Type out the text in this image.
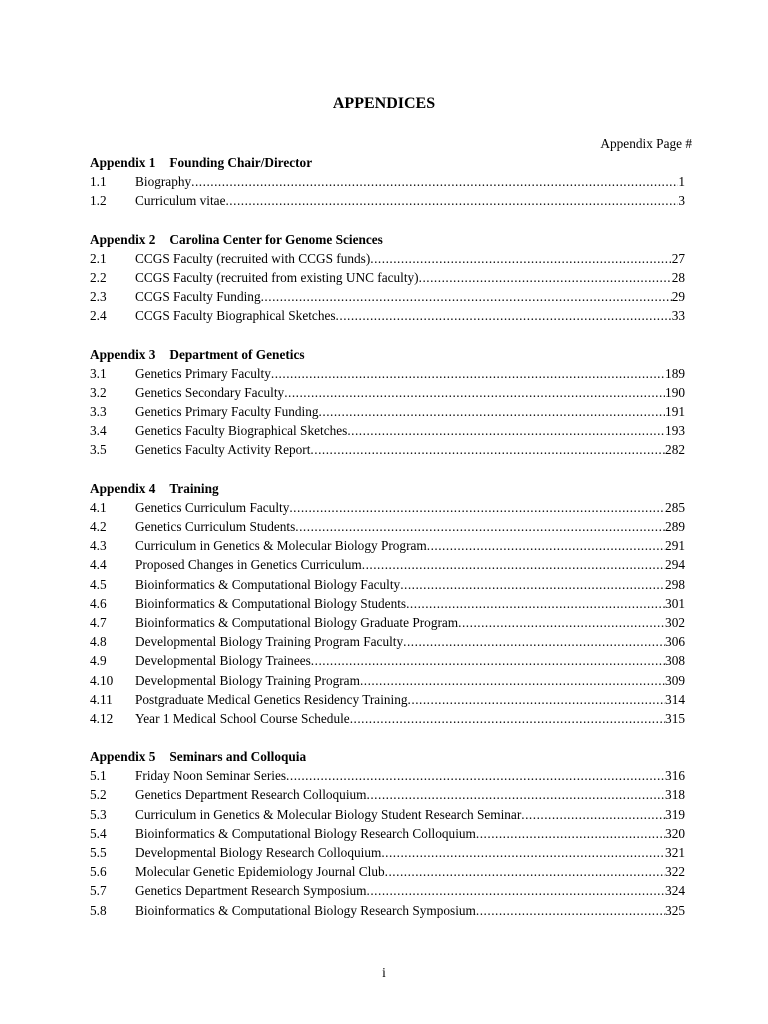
APPENDICES
Appendix Page #
Appendix 1 Founding Chair/Director
1.1	Biography .....	1
1.2	Curriculum vitae .....	3
Appendix 2 Carolina Center for Genome Sciences
2.1	CCGS Faculty (recruited with CCGS funds) .....	27
2.2	CCGS Faculty (recruited from existing UNC faculty) .....	28
2.3	CCGS Faculty Funding .....	29
2.4	CCGS Faculty Biographical Sketches .....	33
Appendix 3 Department of Genetics
3.1	Genetics Primary Faculty .....	189
3.2	Genetics Secondary Faculty .....	190
3.3	Genetics Primary Faculty Funding .....	191
3.4	Genetics Faculty Biographical Sketches .....	193
3.5	Genetics Faculty Activity Report .....	282
Appendix 4 Training
4.1	Genetics Curriculum Faculty .....	285
4.2	Genetics Curriculum Students .....	289
4.3	Curriculum in Genetics & Molecular Biology Program .....	291
4.4	Proposed Changes in Genetics Curriculum .....	294
4.5	Bioinformatics & Computational Biology Faculty .....	298
4.6	Bioinformatics & Computational Biology Students .....	301
4.7	Bioinformatics & Computational Biology Graduate Program .....	302
4.8	Developmental Biology Training Program Faculty .....	306
4.9	Developmental Biology Trainees .....	308
4.10	Developmental Biology Training Program .....	309
4.11	Postgraduate Medical Genetics Residency Training .....	314
4.12	Year 1 Medical School Course Schedule .....	315
Appendix 5 Seminars and Colloquia
5.1	Friday Noon Seminar Series .....	316
5.2	Genetics Department Research Colloquium .....	318
5.3	Curriculum in Genetics & Molecular Biology Student Research Seminar .....	319
5.4	Bioinformatics & Computational Biology Research Colloquium .....	320
5.5	Developmental Biology Research Colloquium .....	321
5.6	Molecular Genetic Epidemiology Journal Club .....	322
5.7	Genetics Department Research Symposium .....	324
5.8	Bioinformatics & Computational Biology Research Symposium .....	325
i
